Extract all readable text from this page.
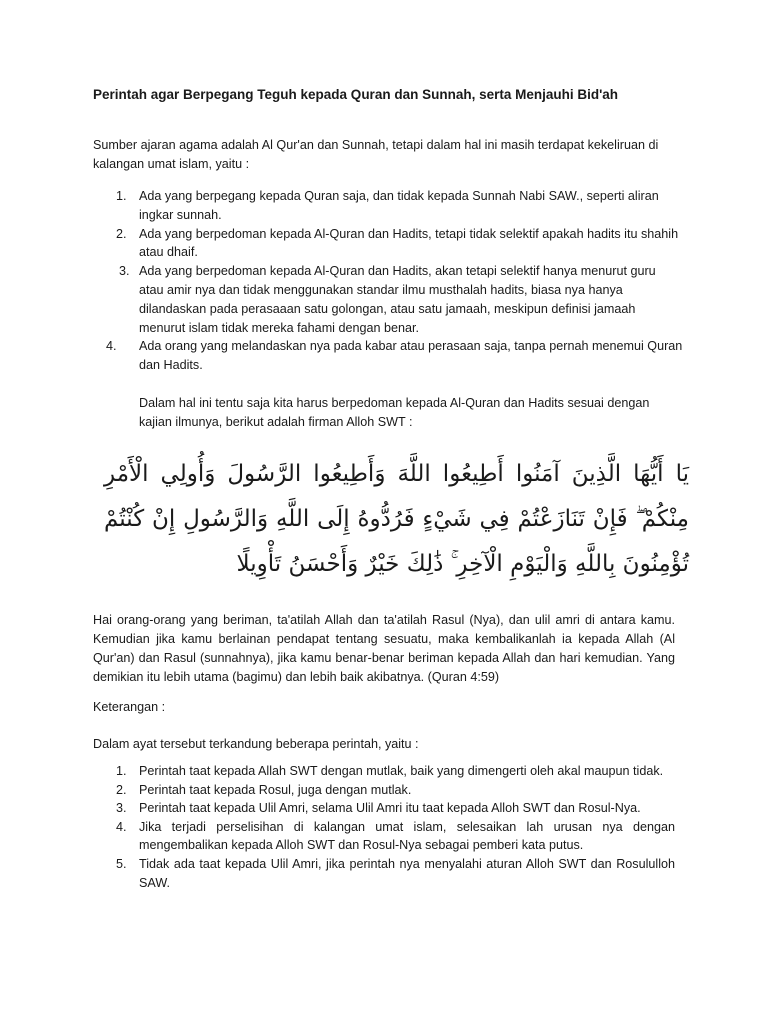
Perintah agar Berpegang Teguh kepada Quran dan Sunnah, serta Menjauhi Bid'ah
Sumber ajaran agama adalah Al Qur'an dan Sunnah, tetapi dalam hal ini masih terdapat kekeliruan di kalangan umat islam, yaitu :
1. Ada yang berpegang kepada Quran saja, dan tidak kepada Sunnah Nabi SAW., seperti aliran ingkar sunnah.
2. Ada yang berpedoman kepada Al-Quran dan Hadits, tetapi tidak selektif apakah hadits itu shahih atau dhaif.
3. Ada yang berpedoman kepada Al-Quran dan Hadits, akan tetapi selektif hanya menurut guru atau amir nya dan tidak menggunakan standar ilmu musthalah hadits, biasa nya hanya dilandaskan pada perasaaan satu golongan, atau satu jamaah, meskipun definisi jamaah menurut islam tidak mereka fahami dengan benar.
4. Ada orang yang melandaskan nya pada kabar atau perasaan saja, tanpa pernah menemui Quran dan Hadits.
Dalam hal ini tentu saja kita harus berpedoman kepada Al-Quran dan Hadits sesuai dengan kajian ilmunya, berikut adalah firman Alloh SWT :
يَا أَيُّهَا الَّذِينَ آمَنُوا أَطِيعُوا اللَّهَ وَأَطِيعُوا الرَّسُولَ وَأُولِي الْأَمْرِ مِنْكُمْ ۖ فَإِنْ تَنَازَعْتُمْ فِي شَيْءٍ فَرُدُّوهُ إِلَى اللَّهِ وَالرَّسُولِ إِنْ كُنْتُمْ تُؤْمِنُونَ بِاللَّهِ وَالْيَوْمِ الْآخِرِ ۚ ذَٰلِكَ خَيْرٌ وَأَحْسَنُ تَأْوِيلًا
Hai orang-orang yang beriman, ta'atilah Allah dan ta'atilah Rasul (Nya), dan ulil amri di antara kamu. Kemudian jika kamu berlainan pendapat tentang sesuatu, maka kembalikanlah ia kepada Allah (Al Qur'an) dan Rasul (sunnahnya), jika kamu benar-benar beriman kepada Allah dan hari kemudian. Yang demikian itu lebih utama (bagimu) dan lebih baik akibatnya. (Quran 4:59)
Keterangan :
Dalam ayat tersebut terkandung beberapa perintah, yaitu :
1. Perintah taat kepada Allah SWT dengan mutlak, baik yang dimengerti oleh akal maupun tidak.
2. Perintah taat kepada Rosul, juga dengan mutlak.
3. Perintah taat kepada Ulil Amri, selama Ulil Amri itu taat kepada Alloh SWT dan Rosul-Nya.
4. Jika terjadi perselisihan di kalangan umat islam, selesaikan lah urusan nya dengan mengembalikan kepada Alloh SWT dan Rosul-Nya sebagai pemberi kata putus.
5. Tidak ada taat kepada Ulil Amri, jika perintah nya menyalahi aturan Alloh SWT dan Rosululloh SAW.
